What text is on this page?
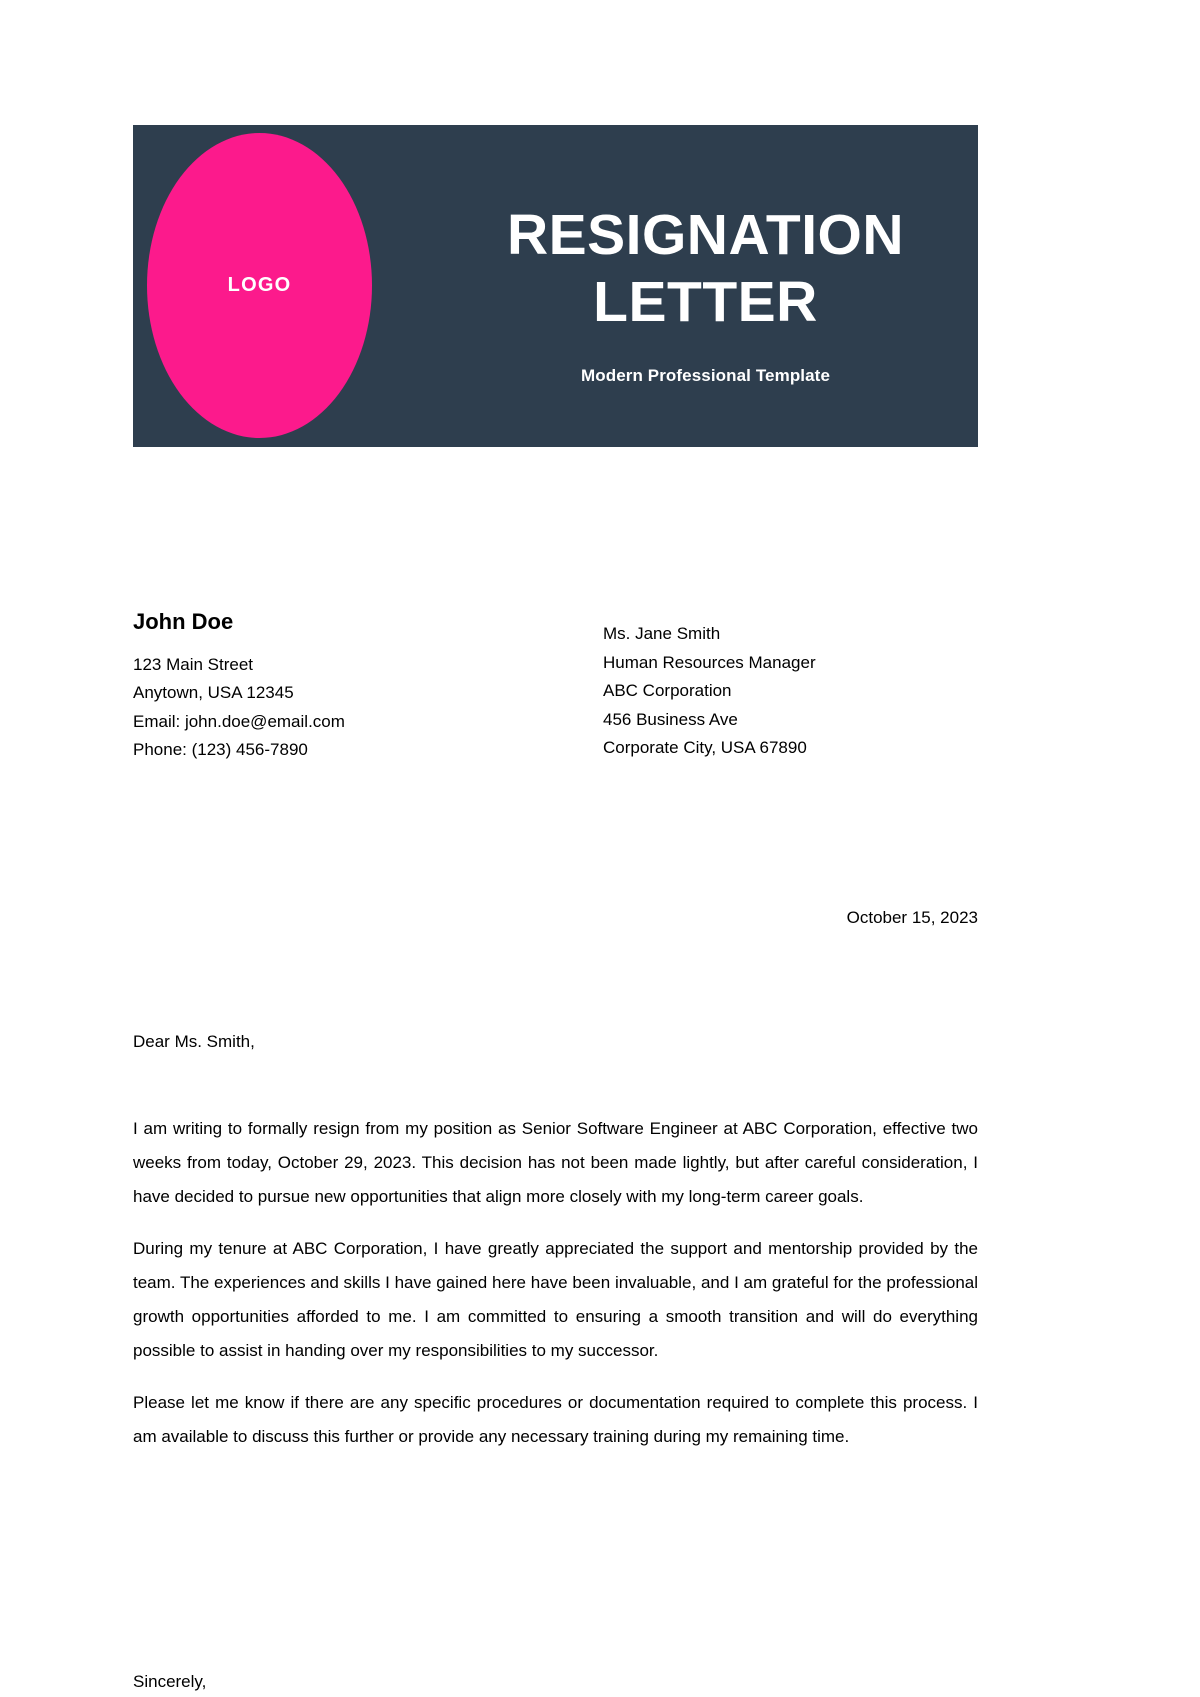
LOGO
RESIGNATION
LETTER
Modern Professional Template
John Doe
123 Main Street
Anytown, USA 12345
Email: john.doe@email.com
Phone: (123) 456-7890
Ms. Jane Smith
Human Resources Manager
ABC Corporation
456 Business Ave
Corporate City, USA 67890
October 15, 2023
Dear Ms. Smith,

I am writing to formally resign from my position as Senior Software Engineer at ABC Corporation, effective two weeks from today, October 29, 2023. This decision has not been made lightly, but after careful consideration, I have decided to pursue new opportunities that align more closely with my long-term career goals.

During my tenure at ABC Corporation, I have greatly appreciated the support and mentorship provided by the team. The experiences and skills I have gained here have been invaluable, and I am grateful for the professional growth opportunities afforded to me. I am committed to ensuring a smooth transition and will do everything possible to assist in handing over my responsibilities to my successor.

Please let me know if there are any specific procedures or documentation required to complete this process. I am available to discuss this further or provide any necessary training during my remaining time.

Sincerely,
